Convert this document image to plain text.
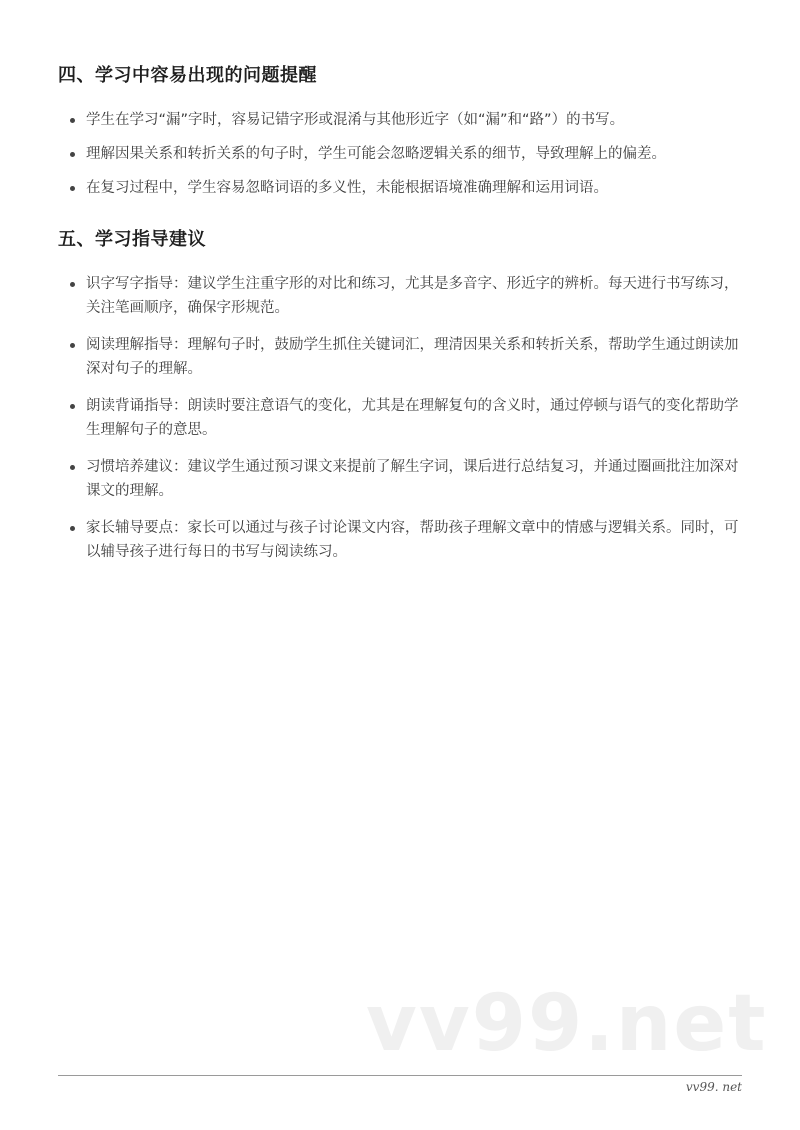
四、学习中容易出现的问题提醒
学生在学习“漏”字时，容易记错字形或混淆与其他形近字（如“漏”和“路”）的书写。
理解因果关系和转折关系的句子时，学生可能会忽略逻辑关系的细节，导致理解上的偏差。
在复习过程中，学生容易忽略词语的多义性，未能根据语境准确理解和运用词语。
五、学习指导建议
识字写字指导：建议学生注重字形的对比和练习，尤其是多音字、形近字的辨析。每天进行书写练习，关注笔画顺序，确保字形规范。
阅读理解指导：理解句子时，鼓励学生抓住关键词汇，理清因果关系和转折关系，帮助学生通过朗读加深对句子的理解。
朗读背诵指导：朗读时要注意语气的变化，尤其是在理解复句的含义时，通过停顿与语气的变化帮助学生理解句子的意思。
习惯培养建议：建议学生通过预习课文来提前了解生字词，课后进行总结复习，并通过圈画批注加深对课文的理解。
家长辅导要点：家长可以通过与孩子讨论课文内容，帮助孩子理解文章中的情感与逻辑关系。同时，可以辅导孩子进行每日的书写与阅读练习。
vv99.net
vv99. net
